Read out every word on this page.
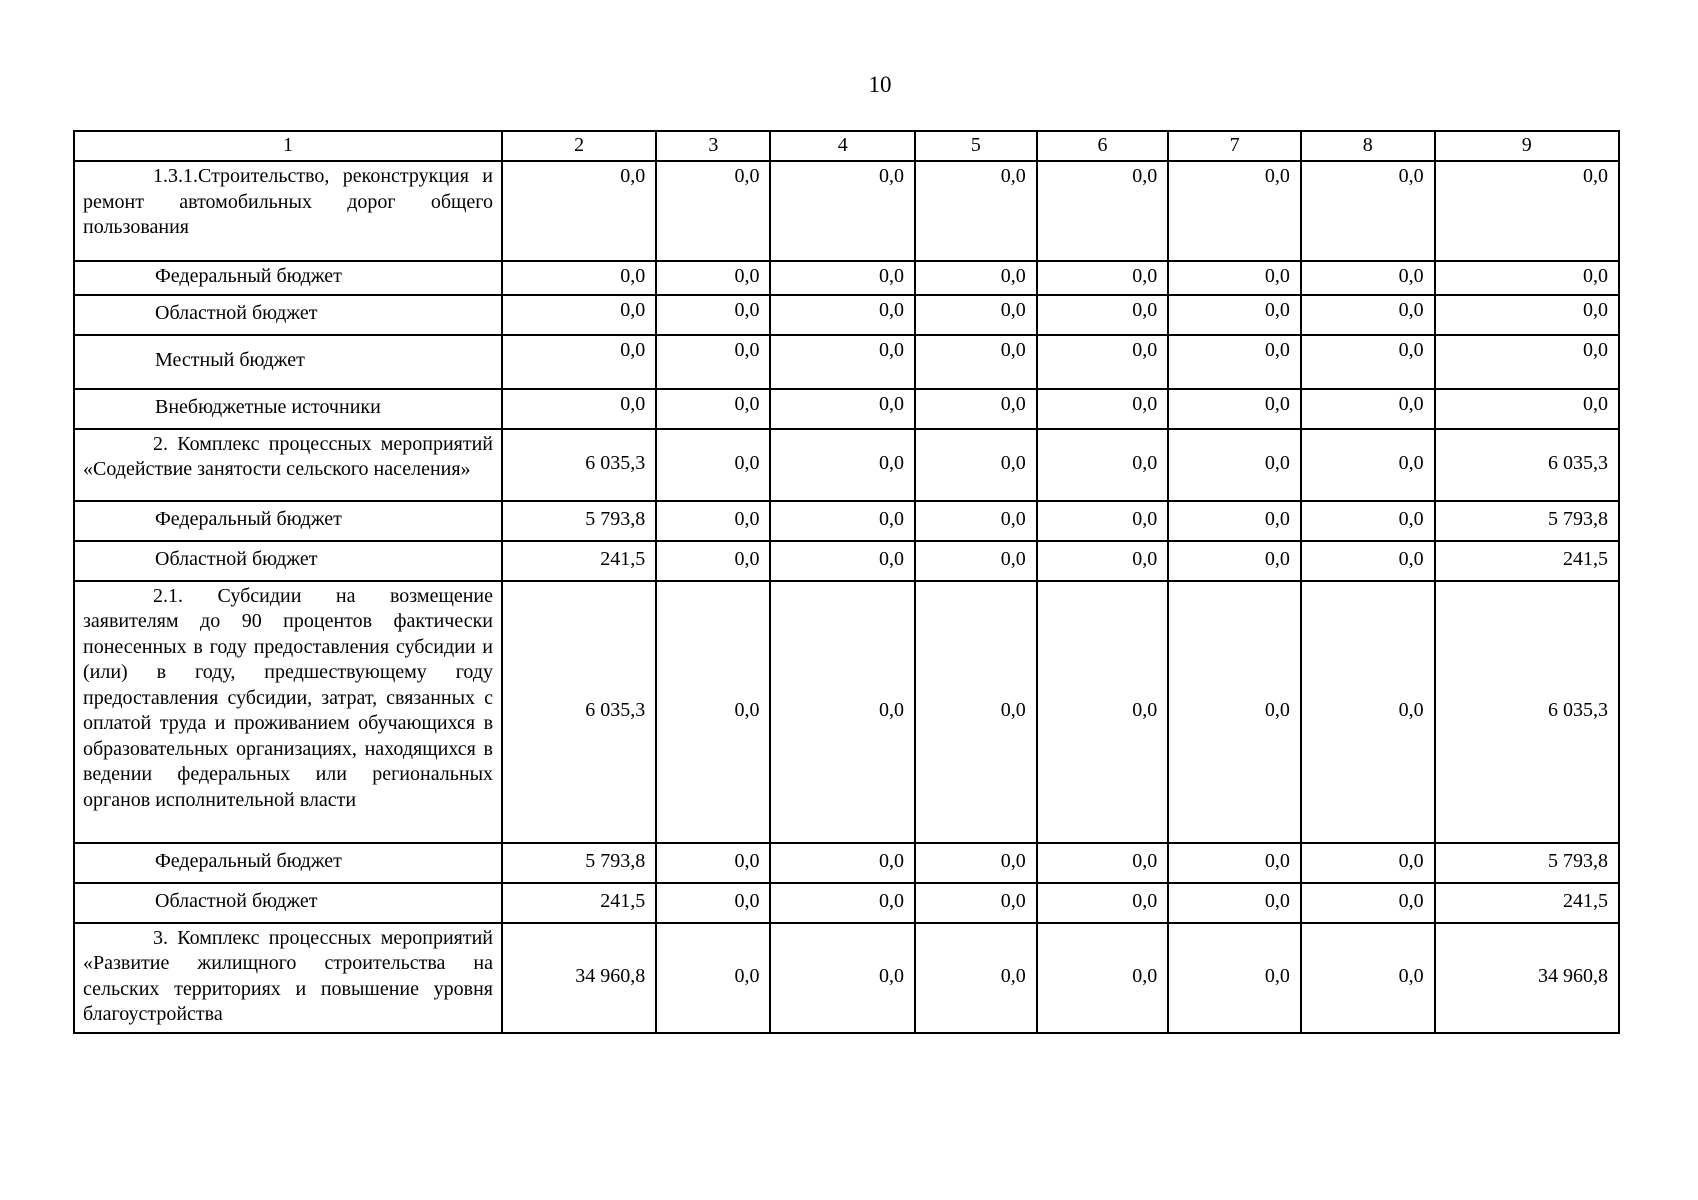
10
1	2	3	4	5	6	7	8	9
1.3.1.Строительство, реконструкция и ремонт автомобильных дорог общего пользования	0,0	0,0	0,0	0,0	0,0	0,0	0,0	0,0
Федеральный бюджет	0,0	0,0	0,0	0,0	0,0	0,0	0,0	0,0
Областной бюджет	0,0	0,0	0,0	0,0	0,0	0,0	0,0	0,0
Местный бюджет	0,0	0,0	0,0	0,0	0,0	0,0	0,0	0,0
Внебюджетные источники	0,0	0,0	0,0	0,0	0,0	0,0	0,0	0,0
2. Комплекс процессных мероприятий «Содействие занятости сельского населения»	6 035,3	0,0	0,0	0,0	0,0	0,0	0,0	6 035,3
Федеральный бюджет	5 793,8	0,0	0,0	0,0	0,0	0,0	0,0	5 793,8
Областной бюджет	241,5	0,0	0,0	0,0	0,0	0,0	0,0	241,5
2.1. Субсидии на возмещение заявителям до 90 процентов фактически понесенных в году предоставления субсидии и (или) в году, предшествующему году предоставления субсидии, затрат, связанных с оплатой труда и проживанием обучающихся в образовательных организациях, находящихся в ведении федеральных или региональных органов исполнительной власти	6 035,3	0,0	0,0	0,0	0,0	0,0	0,0	6 035,3
Федеральный бюджет	5 793,8	0,0	0,0	0,0	0,0	0,0	0,0	5 793,8
Областной бюджет	241,5	0,0	0,0	0,0	0,0	0,0	0,0	241,5
3. Комплекс процессных мероприятий «Развитие жилищного строительства на сельских территориях и повышение уровня благоустройства	34 960,8	0,0	0,0	0,0	0,0	0,0	0,0	34 960,8
